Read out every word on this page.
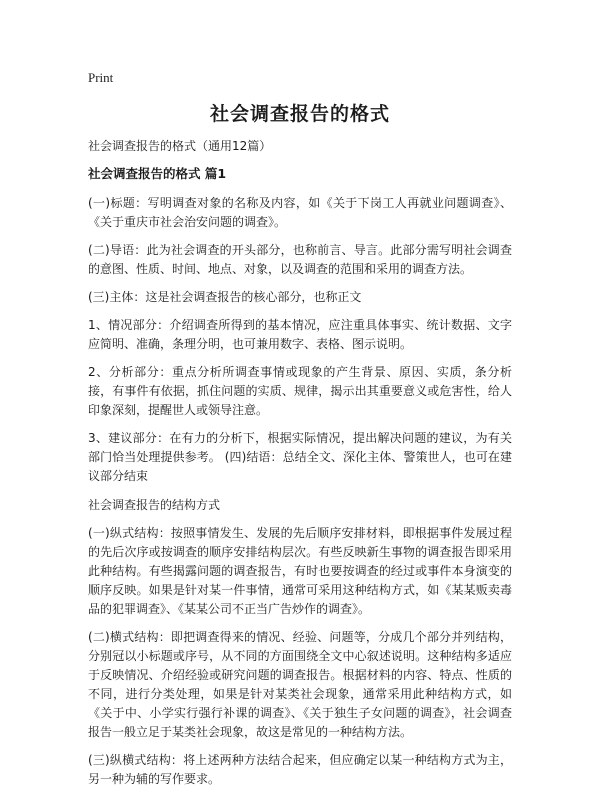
Print
社会调查报告的格式

社会调查报告的格式（通用12篇）

社会调查报告的格式 篇1

(一)标题：写明调查对象的名称及内容，如《关于下岗工人再就业问题调查》、《关于重庆市社会治安问题的调查》。

(二)导语：此为社会调查的开头部分，也称前言、导言。此部分需写明社会调查的意图、性质、时间、地点、对象，以及调查的范围和采用的调查方法。

(三)主体：这是社会调查报告的核心部分，也称正文

1、情况部分：介绍调查所得到的基本情况，应注重具体事实、统计数据、文字应简明、准确，条理分明，也可兼用数字、表格、图示说明。

2、分析部分：重点分析所调查事情或现象的产生背景、原因、实质，条分析接，有事件有依据，抓住问题的实质、规律，揭示出其重要意义或危害性，给人印象深刻，提醒世人或领导注意。

3、建议部分：在有力的分析下，根据实际情况，提出解决问题的建议，为有关部门恰当处理提供参考。 (四)结语：总结全文、深化主体、警策世人，也可在建议部分结束

社会调查报告的结构方式

(一)纵式结构：按照事情发生、发展的先后顺序安排材料，即根据事件发展过程的先后次序或按调查的顺序安排结构层次。有些反映新生事物的调查报告即采用此种结构。有些揭露问题的调查报告，有时也要按调查的经过或事件本身演变的顺序反映。如果是针对某一件事情，通常可采用这种结构方式，如《某某贩卖毒品的犯罪调查》、《某某公司不正当广告炒作的调查》。

(二)横式结构：即把调查得来的情况、经验、问题等，分成几个部分并列结构，分别冠以小标题或序号，从不同的方面围绕全文中心叙述说明。这种结构多适应于反映情况、介绍经验或研究问题的调查报告。根据材料的内容、特点、性质的不同，进行分类处理，如果是针对某类社会现象，通常采用此种结构方式，如《关于中、小学实行强行补课的调查》、《关于独生子女问题的调查》，社会调查报告一般立足于某类社会现象，故这是常见的一种结构方法。

(三)纵横式结构：将上述两种方法结合起来，但应确定以某一种结构方式为主，另一种为辅的写作要求。
